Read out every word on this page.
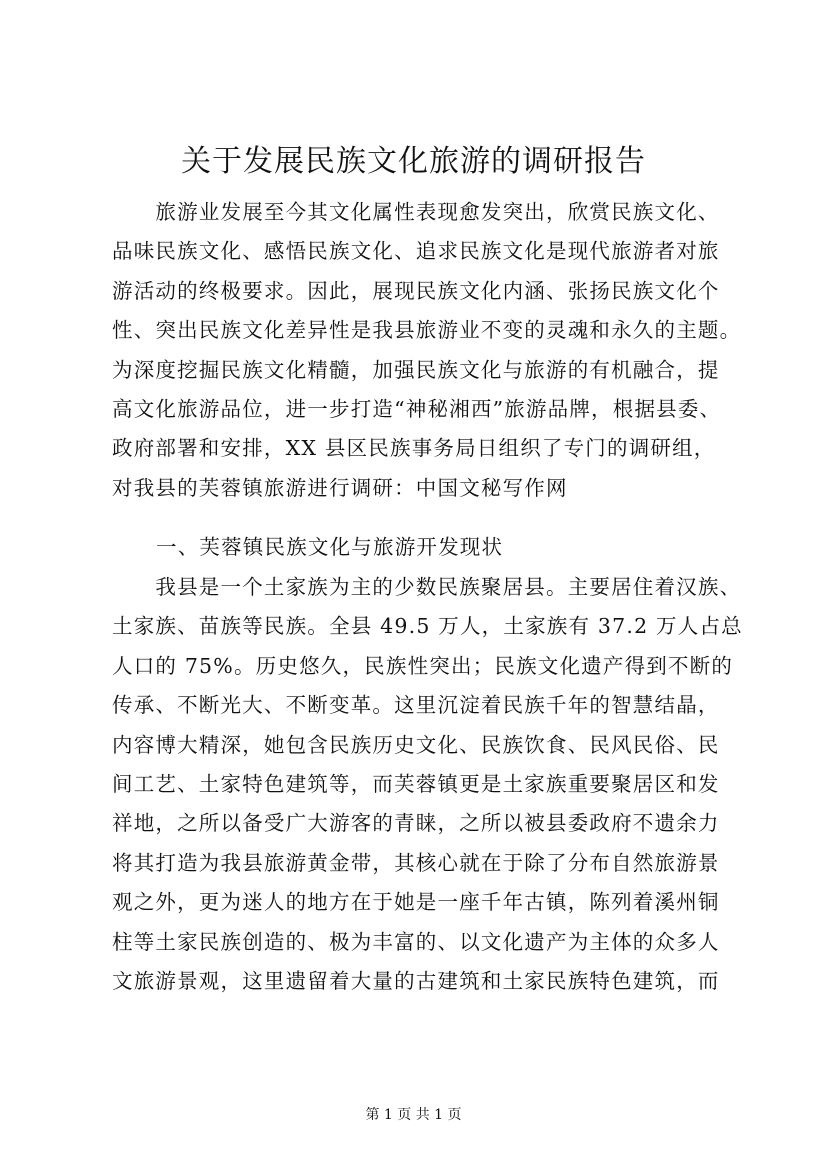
关于发展民族文化旅游的调研报告
　　旅游业发展至今其文化属性表现愈发突出，欣赏民族文化、
品味民族文化、感悟民族文化、追求民族文化是现代旅游者对旅
游活动的终极要求。因此，展现民族文化内涵、张扬民族文化个
性、突出民族文化差异性是我县旅游业不变的灵魂和永久的主题。
为深度挖掘民族文化精髓，加强民族文化与旅游的有机融合，提
高文化旅游品位，进一步打造“神秘湘西”旅游品牌，根据县委、
政府部署和安排，XX 县区民族事务局日组织了专门的调研组，
对我县的芙蓉镇旅游进行调研：中国文秘写作网
一、芙蓉镇民族文化与旅游开发现状
　　我县是一个土家族为主的少数民族聚居县。主要居住着汉族、
土家族、苗族等民族。全县 49.5 万人，土家族有 37.2 万人占总
人口的 75%。历史悠久，民族性突出；民族文化遗产得到不断的
传承、不断光大、不断变革。这里沉淀着民族千年的智慧结晶，
内容博大精深，她包含民族历史文化、民族饮食、民风民俗、民
间工艺、土家特色建筑等，而芙蓉镇更是土家族重要聚居区和发
祥地，之所以备受广大游客的青睐，之所以被县委政府不遗余力
将其打造为我县旅游黄金带，其核心就在于除了分布自然旅游景
观之外，更为迷人的地方在于她是一座千年古镇，陈列着溪州铜
柱等土家民族创造的、极为丰富的、以文化遗产为主体的众多人
文旅游景观，这里遗留着大量的古建筑和土家民族特色建筑，而
第 1 页 共 1 页
